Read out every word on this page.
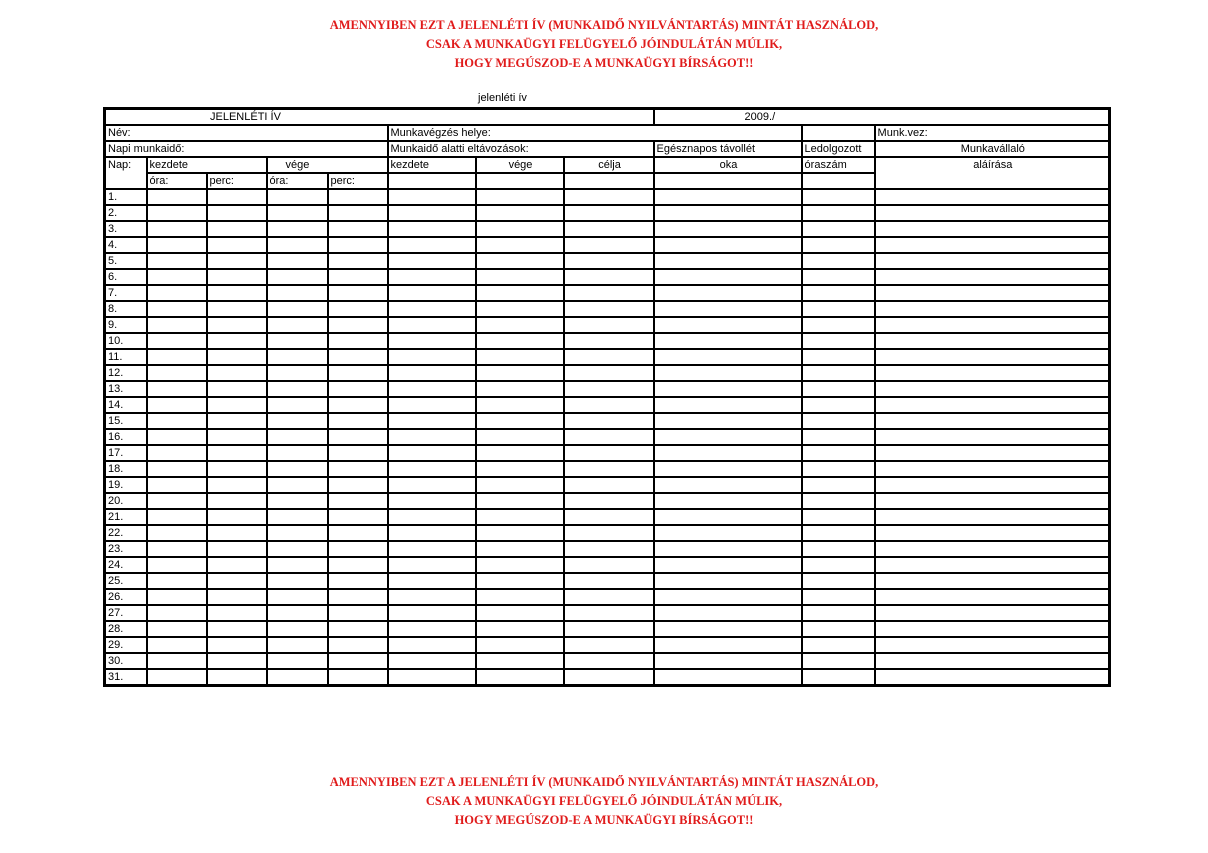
AMENNYIBEN EZT A JELENLÉTI ÍV (MUNKAIDŐ NYILVÁNTARTÁS) MINTÁT HASZNÁLOD,
CSAK A MUNKAÜGYI FELÜGYELŐ JÓINDULÁTÁN MÚLIK,
HOGY MEGÚSZOD-E A MUNKAÜGYI BÍRSÁGOT!!
jelenléti ív
JELENLÉTI ÍV								2009./		
Név:					Munkavégzés helye:					Munk.vez:
Napi munkaidő:					Munkaidő alatti eltávozások:			Egésznapos távollét	Ledolgozott	Munkavállaló
Nap:	kezdete		vége		kezdete	vége	célja	oka	óraszám	aláírása
	óra:	perc:	óra:	perc:						
1.										
2.										
3.										
4.										
5.										
6.										
7.										
8.										
9.										
10.										
11.										
12.										
13.										
14.										
15.										
16.										
17.										
18.										
19.										
20.										
21.										
22.										
23.										
24.										
25.										
26.										
27.										
28.										
29.										
30.										
31.										
AMENNYIBEN EZT A JELENLÉTI ÍV (MUNKAIDŐ NYILVÁNTARTÁS) MINTÁT HASZNÁLOD,
CSAK A MUNKAÜGYI FELÜGYELŐ JÓINDULÁTÁN MÚLIK,
HOGY MEGÚSZOD-E A MUNKAÜGYI BÍRSÁGOT!!
